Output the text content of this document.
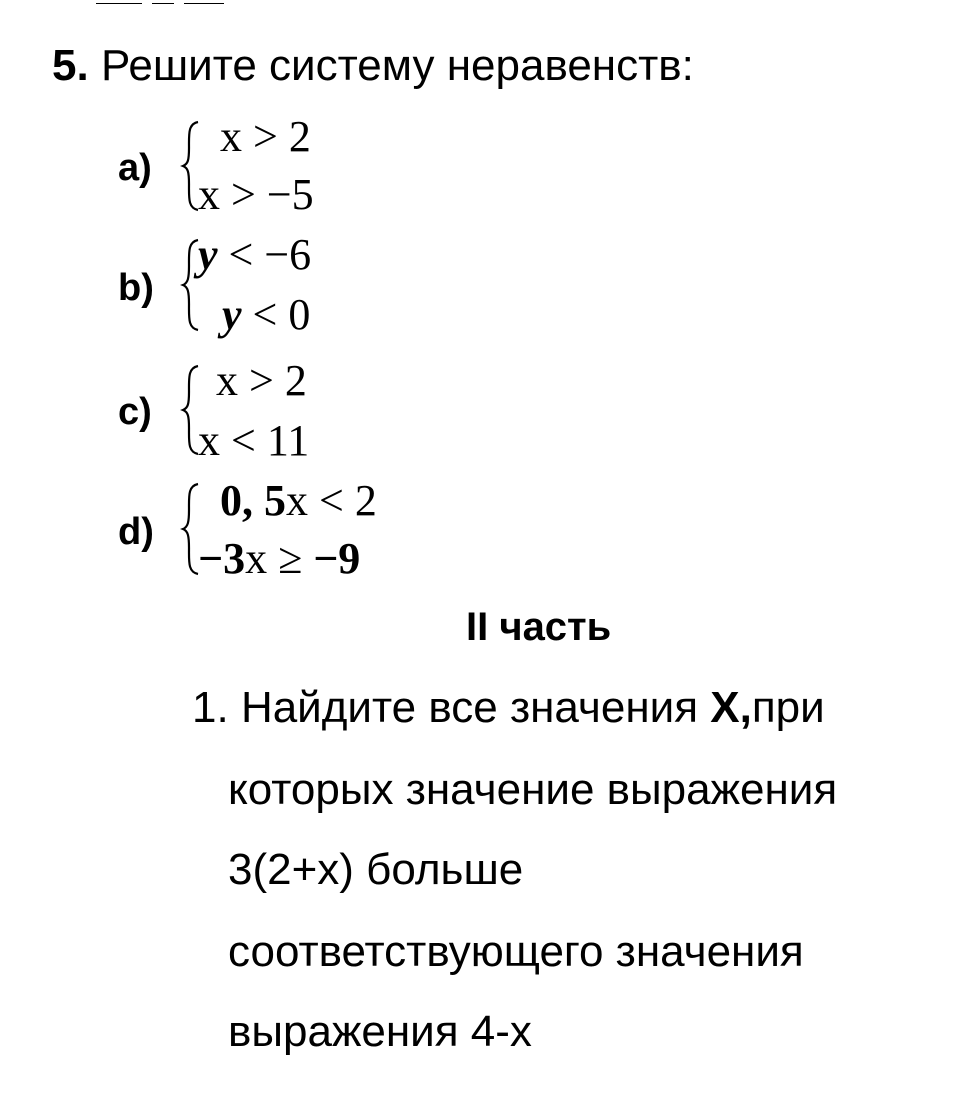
5. Решите систему неравенств:
a)
x > 2
x > −5
b)
y < −6
y < 0
c)
x > 2
x < 11
d)
0, 5x < 2
−3x ≥ −9
II часть
1. Найдите все значения X,при
которых значение выражения
3(2+x) больше
соответствующего значения
выражения 4-x
